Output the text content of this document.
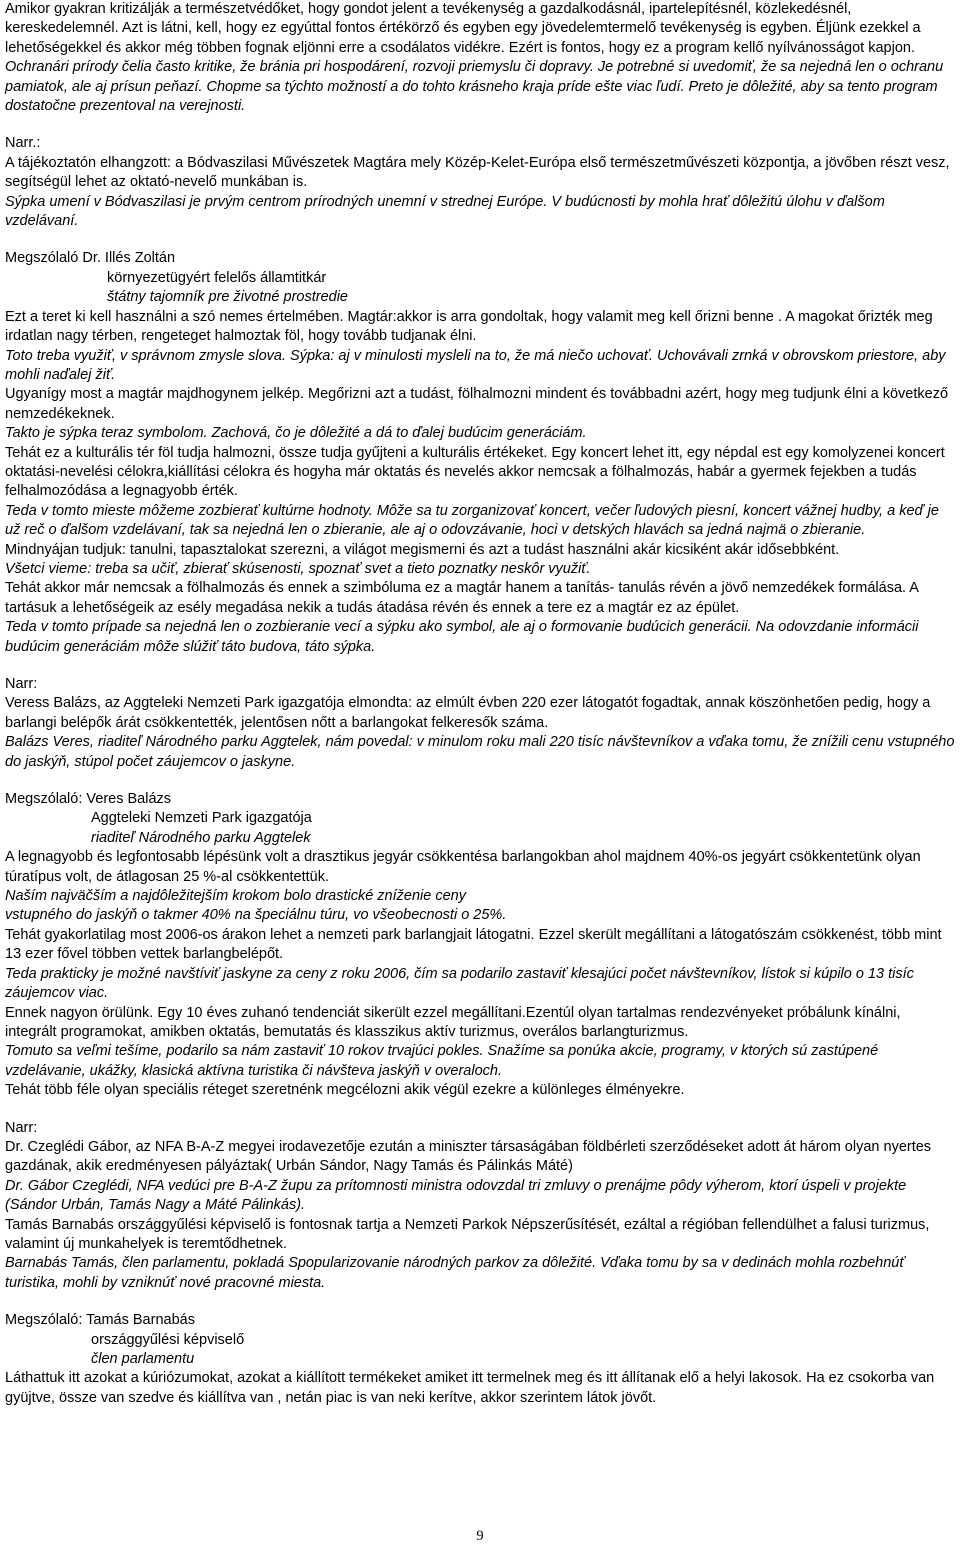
Amikor gyakran kritizálják a természetvédőket, hogy gondot jelent a tevékenység a gazdalkodásnál, ipartelepítésnél, közlekedésnél, kereskedelemnél. Azt is látni, kell, hogy ez egyúttal fontos értékörző és egyben egy jövedelemtermelő tevékenység is egyben. Éljünk ezekkel a lehetőségekkel és akkor még többen fognak eljönni erre a csodálatos vidékre. Ezért is fontos, hogy ez a program kellő nyílvánosságot kapjon.
Ochranári prírody čelia často kritike, že bránia pri hospodárení, rozvoji priemyslu či dopravy. Je potrebné si uvedomiť, že sa nejedná len o ochranu pamiatok, ale aj prísun peňazí. Chopme sa týchto možností a do tohto krásneho kraja príde ešte viac ľudí. Preto je dôležité, aby sa tento program dostatočne prezentoval na verejnosti.
Narr.:
A tájékoztatón elhangzott: a Bódvaszilasi Művészetek Magtára mely Közép-Kelet-Európa első természetművészeti központja, a jövőben részt vesz, segítségül lehet az oktató-nevelő munkában is.
Sýpka umení v Bódvaszilasi je prvým centrom prírodných unemní v strednej Európe. V budúcnosti by mohla hrať dôležitú úlohu v ďalšom vzdelávaní.
Megszólaló Dr. Illés Zoltán
környezetügyért felelős államtitkár
štátny tajomník pre životné prostredie
Ezt a teret ki kell használni a szó nemes értelmében. Magtár:akkor is arra gondoltak, hogy valamit meg kell őrizni benne . A magokat őrizték meg irdatlan nagy térben, rengeteget halmoztak föl, hogy tovább tudjanak élni.
Toto treba využiť, v správnom zmysle slova. Sýpka: aj v minulosti mysleli na to, že má niečo uchovať. Uchovávali zrnká v obrovskom priestore, aby mohli naďalej žiť.
Ugyanígy most a magtár majdhogynem jelkép. Megőrizni azt a tudást, fölhalmozni mindent és továbbadni azért, hogy meg tudjunk élni a következő nemzedékeknek.
Takto je sýpka teraz symbolom. Zachová, čo je dôležité a dá to ďalej budúcim generáciám.
Tehát ez a kulturális tér föl tudja halmozni, össze tudja gyűjteni a kulturális értékeket. Egy koncert lehet itt, egy népdal est egy komolyzenei koncert oktatási-nevelési célokra,kiállítási célokra és hogyha már oktatás és nevelés akkor nemcsak a fölhalmozás, habár a gyermek fejekben a tudás felhalmozódása a legnagyobb érték.
Teda v tomto mieste môžeme zozbierať kultúrne hodnoty. Môže sa tu zorganizovať koncert, večer ľudových piesní, koncert vážnej hudby, a keď je už reč o ďalšom vzdelávaní, tak sa nejedná len o zbieranie, ale aj o odovzávanie, hoci v detských hlavách sa jedná najmä o zbieranie.
Mindnyájan tudjuk: tanulni, tapasztalokat szerezni, a világot megismerni és azt a tudást használni akár kicsiként akár idősebbként.
Všetci vieme: treba sa učiť, zbierať skúsenosti, spoznať svet a tieto poznatky neskôr využiť.
Tehát akkor már nemcsak a fölhalmozás és ennek a szimbóluma ez a magtár hanem a tanítás- tanulás révén a jövő nemzedékek formálása. A tartásuk a lehetőségeik az esély megadása nekik a tudás átadása révén és ennek a tere ez a magtár ez az épület.
Teda v tomto prípade sa nejedná len o zozbieranie vecí a sýpku ako symbol, ale aj o formovanie budúcich generácii. Na odovzdanie informácii budúcim generáciám môže slúžiť táto budova, táto sýpka.
Narr:
Veress Balázs, az Aggteleki Nemzeti Park igazgatója elmondta: az elmúlt évben 220 ezer látogatót fogadtak, annak köszönhetően pedig, hogy a barlangi belépők árát csökkentették, jelentősen nőtt a barlangokat felkeresők száma.
Balázs Veres, riaditeľ Národného parku Aggtelek, nám povedal: v minulom roku mali 220 tisíc návštevníkov a vďaka tomu, že znížili cenu vstupného do jaskýň, stúpol počet záujemcov o jaskyne.
Megszólaló: Veres Balázs
Aggteleki Nemzeti Park igazgatója
riaditeľ Národného parku Aggtelek
A legnagyobb és legfontosabb lépésünk volt a drasztikus jegyár csökkentésa barlangokban ahol majdnem 40%-os jegyárt csökkentetünk olyan túratípus volt, de átlagosan 25 %-al csökkentettük.
Naším najväčším a najdôležitejším krokom bolo drastické zníženie ceny
vstupného do jaskýň o takmer 40% na špeciálnu túru, vo všeobecnosti o 25%.
Tehát gyakorlatilag most 2006-os árakon lehet a nemzeti park barlangjait látogatni. Ezzel skerült megállítani a látogatószám csökkenést, több mint 13 ezer fővel többen vettek barlangbelépőt.
Teda prakticky je možné navštíviť jaskyne za ceny z roku 2006, čím sa podarilo zastaviť klesajúci počet návštevníkov, lístok si kúpilo o 13 tisíc záujemcov viac.
Ennek nagyon örülünk. Egy 10 éves zuhanó tendenciát sikerült ezzel megállítani.Ezentúl olyan tartalmas rendezvényeket próbálunk kínálni, integrált programokat, amikben oktatás, bemutatás és klasszikus aktív turizmus, overálos barlangturizmus.
Tomuto sa veľmi tešíme, podarilo sa nám zastaviť 10 rokov trvajúci pokles. Snažíme sa ponúka akcie, programy, v ktorých sú zastúpené vzdelávanie, ukážky, klasická aktívna turistika či návšteva jaskýň v overaloch.
Tehát több féle olyan speciális réteget szeretnénk megcélozni akik végül ezekre a különleges élményekre.
Narr:
Dr. Czeglédi Gábor, az NFA B-A-Z megyei irodavezetője ezután a miniszter társaságában földbérleti szerződéseket adott át három olyan nyertes gazdának, akik eredményesen pályáztak( Urbán Sándor, Nagy Tamás és Pálinkás Máté)
Dr. Gábor Czeglédi, NFA vedúci pre B-A-Z župu za prítomnosti ministra odovzdal tri zmluvy o prenájme pôdy výherom, ktorí úspeli v projekte (Sándor Urbán, Tamás Nagy a Máté Pálinkás).
Tamás Barnabás országgyűlési képviselő is fontosnak tartja a Nemzeti Parkok Népszerűsítését, ezáltal a régióban fellendülhet a falusi turizmus, valamint új munkahelyek is teremtődhetnek.
Barnabás Tamás, člen parlamentu, pokladá Spopularizovanie národných parkov za dôležité. Vďaka tomu by sa v dedinách mohla rozbehnúť turistika, mohli by vzniknúť nové pracovné miesta.
Megszólaló: Tamás Barnabás
országgyűlési képviselő
člen parlamentu
Láthattuk itt azokat a kúriózumokat, azokat a kiállított termékeket amiket itt termelnek meg és itt állítanak elő a helyi lakosok. Ha ez csokorba van gyüjtve, össze van szedve és kiállítva van , netán piac is van neki kerítve, akkor szerintem látok jövőt.
9
